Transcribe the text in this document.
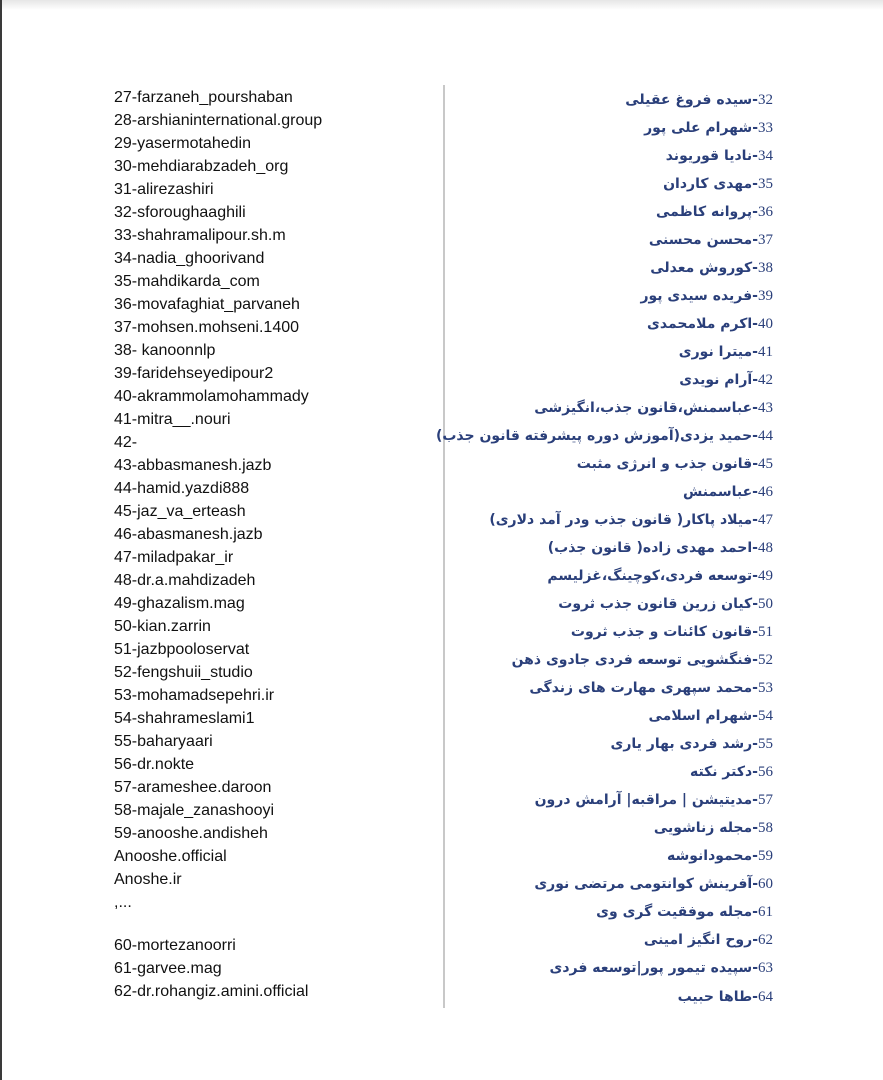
27-farzaneh_pourshaban
28-arshianinternational.group
29-yasermotahedin
30-mehdiarabzadeh_org
31-alirezashiri
32-sforoughaaghili
33-shahramalipour.sh.m
34-nadia_ghoorivand
35-mahdikarda_com
36-movafaghiat_parvaneh
37-mohsen.mohseni.1400
38- kanoonnlp
39-faridehseyedipour2
40-akrammolamohammady
41-mitra__.nouri
42-
43-abbasmanesh.jazb
44-hamid.yazdi888
45-jaz_va_erteash
46-abasmanesh.jazb
47-miladpakar_ir
48-dr.a.mahdizadeh
49-ghazalism.mag
50-kian.zarrin
51-jazbpooloservat
52-fengshuii_studio
53-mohamadsepehri.ir
54-shahrameslami1
55-baharyaari
56-dr.nokte
57-arameshee.daroon
58-majale_zanashooyi
59-anooshe.andisheh
Anooshe.official
Anoshe.ir
,...
60-mortezanoorri
61-garvee.mag
62-dr.rohangiz.amini.official
32-سیده فروغ عقیلی
33-شهرام علی پور
34-نادیا قوریوند
35-مهدی کاردان
36-پروانه کاظمی
37-محسن محسنی
38-کوروش معدلی
39-فریده سیدی پور
40-اکرم ملامحمدی
41-میترا نوری
42-آرام نویدی
43-عباسمنش،قانون جذب،انگیزشی
44-حمید یزدی(آموزش دوره پیشرفته قانون جذب)
45-قانون جذب و انرژی مثبت
46-عباسمنش
47-میلاد پاکار( قانون جذب ودر آمد دلاری)
48-احمد مهدی زاده( قانون جذب)
49-توسعه فردی،کوچینگ،غزلیسم
50-کیان زرین قانون جذب ثروت
51-قانون کائنات و جذب ثروت
52-فنگشویی توسعه فردی جادوی ذهن
53-محمد سپهری مهارت های زندگی
54-شهرام اسلامی
55-رشد فردی بهار یاری
56-دکتر نکته
57-مدیتیشن | مراقبه| آرامش درون
58-مجله زناشویی
59-محمودانوشه
60-آفرینش کوانتومی مرتضی نوری
61-مجله موفقیت گری وی
62-روح انگیز امینی
63-سپیده تیمور پور|توسعه فردی
64-طاها حبیب
